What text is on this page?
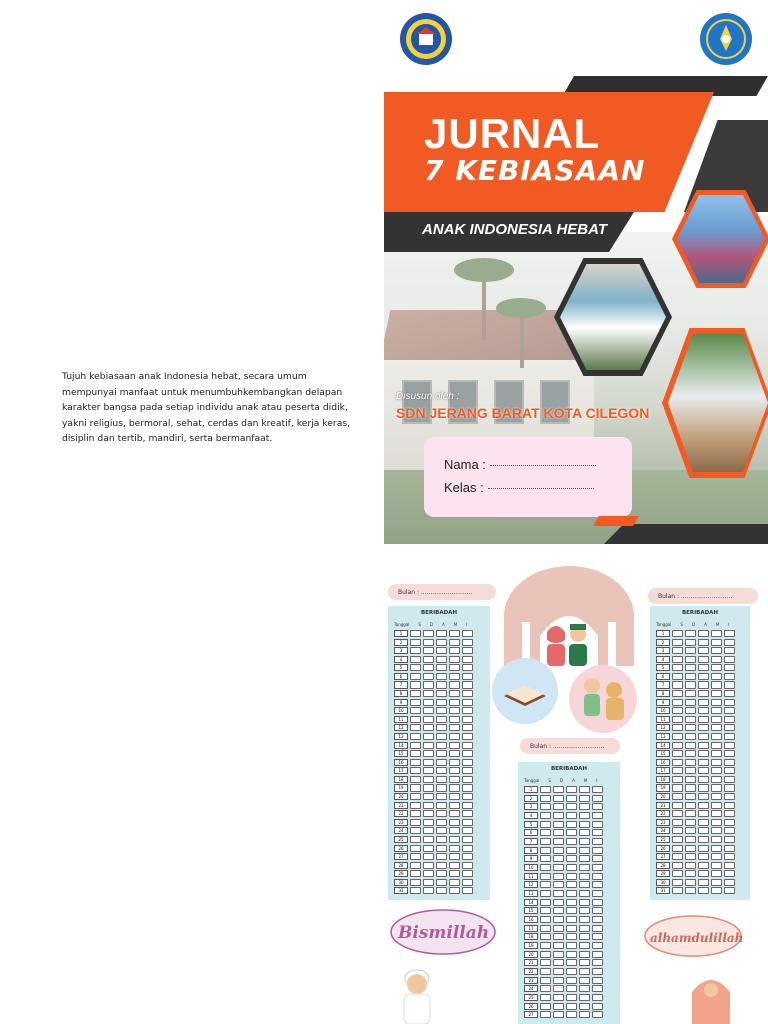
Tujuh kebiasaan anak Indonesia hebat, secara umum mempunyai manfaat untuk menumbuhkembangkan delapan karakter bangsa pada setiap individu anak atau peserta didik, yakni religius, bermoral, sehat, cerdas dan kreatif, kerja keras, disiplin dan tertib, mandiri, serta bermanfaat.
JURNAL
7 KEBIASAAN
ANAK INDONESIA HEBAT
Disusun oleh :
SDN JERANG BARAT KOTA CILEGON
Nama :
Kelas :
Bulan : ...........................
Bulan : ...........................
Bulan : ...........................
BERIBADAH
Tanggal S D A M I
1
2
3
4
5
6
7
8
9
10
11
12
13
14
15
16
17
18
19
20
21
22
23
24
25
26
27
28
29
30
31
BERIBADAH
Tanggal S D A M I
1
2
3
4
5
6
7
8
9
10
11
12
13
14
15
16
17
18
19
20
21
22
23
24
25
26
27
28
29
30
31
BERIBADAH
Tanggal S D A M I
1
2
3
4
5
6
7
8
9
10
11
12
13
14
15
16
17
18
19
20
21
22
23
24
25
26
27
Bismillah	alhamdulillah
